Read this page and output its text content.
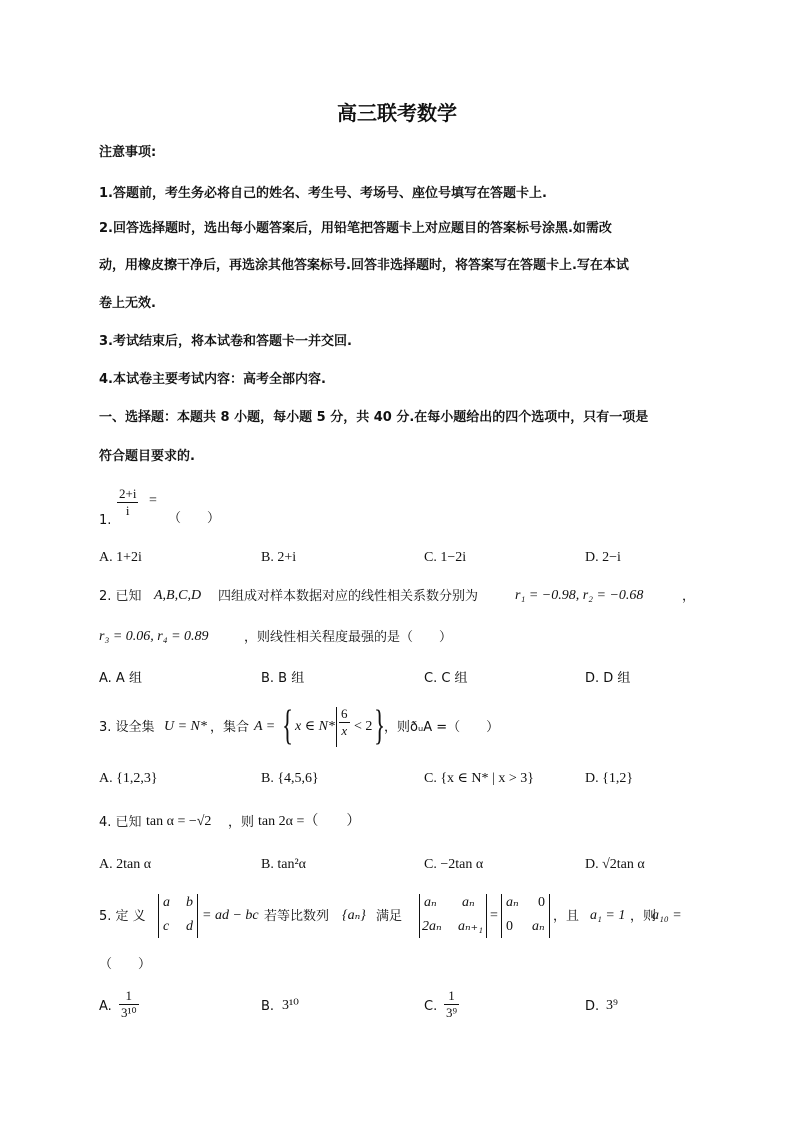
高三联考数学
注意事项:
1.答题前，考生务必将自己的姓名、考生号、考场号、座位号填写在答题卡上.
2.回答选择题时，选出每小题答案后，用铅笔把答题卡上对应题目的答案标号涂黑.如需改
动，用橡皮擦干净后，再选涂其他答案标号.回答非选择题时，将答案写在答题卡上.写在本试
卷上无效.
3.考试结束后，将本试卷和答题卡一并交回.
4.本试卷主要考试内容：高考全部内容.
一、选择题：本题共 8 小题，每小题 5 分，共 40 分.在每小题给出的四个选项中，只有一项是
符合题目要求的.
$\frac{2+i}{i}$ =
1.	（　　）
A. 1+2i	B. 2+i	C. 1−2i	D. 2−i
2. 已知 A,B,C,D 四组成对样本数据对应的线性相关系数分别为	r₁ = −0.98, r₂ = −0.68	，
r₃ = 0.06, r₄ = 0.89	，则线性相关程度最强的是（　　）
A. A 组	B. B 组	C. C 组	D. D 组
3. 设全集 U = N* ，集合 A = { x ∈ $N* \frac{6}{x} < 2$ }
，则ðᵤA =（　　）
A. {1,2,3}	B. {4,5,6}	C. {x ∈ N* | x > 3}	D. {1,2}
4. 已知 tan α = −√2 ，则 tan 2α =（　　）
A. 2tan α	B. tan²α	C. −2tan α	D. √2tan α
5. 定 义
a b
c d
= ad − bc 若等比数列 {aₙ} 满足
aₙ aₙ
2aₙ aₙ₊₁
=
aₙ 0
0 aₙ
，且 a₁ = 1 ，则
a₁₀ =
（　　）
A. $\frac{1}{\text{3¹⁰}}$	B. 3¹⁰	C. $\frac{1}{\text{3⁹}}$	D. 3⁹
